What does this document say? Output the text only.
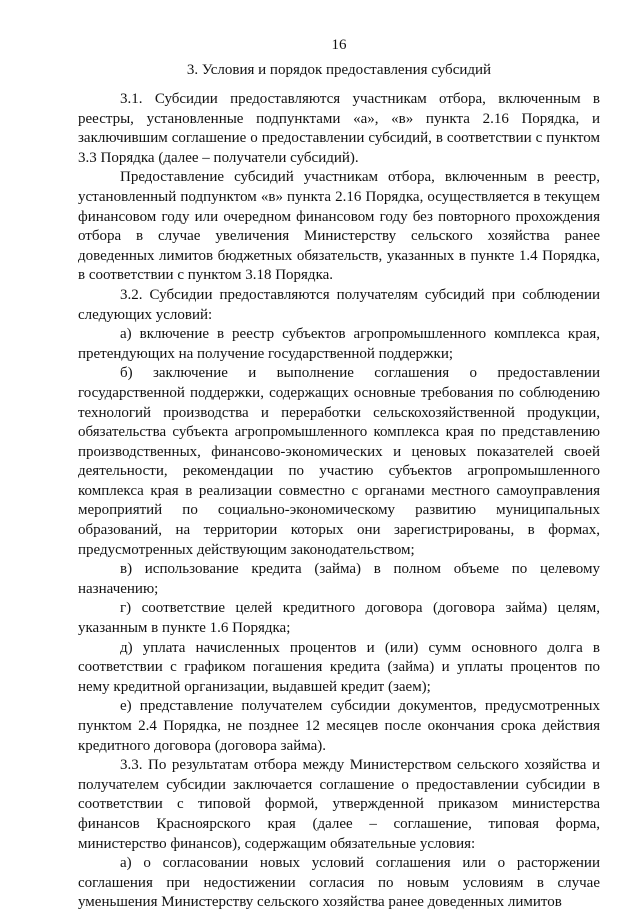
16
3. Условия и порядок предоставления субсидий

3.1. Субсидии предоставляются участникам отбора, включенным в реестры, установленные подпунктами «а», «в» пункта 2.16 Порядка, и заключившим соглашение о предоставлении субсидий, в соответствии с пунктом 3.3 Порядка (далее – получатели субсидий).

Предоставление субсидий участникам отбора, включенным в реестр, установленный подпунктом «в» пункта 2.16 Порядка, осуществляется в текущем финансовом году или очередном финансовом году без повторного прохождения отбора в случае увеличения Министерству сельского хозяйства ранее доведенных лимитов бюджетных обязательств, указанных в пункте 1.4 Порядка, в соответствии с пунктом 3.18 Порядка.

3.2. Субсидии предоставляются получателям субсидий при соблюдении следующих условий:

а) включение в реестр субъектов агропромышленного комплекса края, претендующих на получение государственной поддержки;

б) заключение и выполнение соглашения о предоставлении государственной поддержки, содержащих основные требования по соблюдению технологий производства и переработки сельскохозяйственной продукции, обязательства субъекта агропромышленного комплекса края по представлению производственных, финансово-экономических и ценовых показателей своей деятельности, рекомендации по участию субъектов агропромышленного комплекса края в реализации совместно с органами местного самоуправления мероприятий по социально-экономическому развитию муниципальных образований, на территории которых они зарегистрированы, в формах, предусмотренных действующим законодательством;

в) использование кредита (займа) в полном объеме по целевому назначению;

г) соответствие целей кредитного договора (договора займа) целям, указанным в пункте 1.6 Порядка;

д) уплата начисленных процентов и (или) сумм основного долга в соответствии с графиком погашения кредита (займа) и уплаты процентов по нему кредитной организации, выдавшей кредит (заем);

е) представление получателем субсидии документов, предусмотренных пунктом 2.4 Порядка, не позднее 12 месяцев после окончания срока действия кредитного договора (договора займа).

3.3. По результатам отбора между Министерством сельского хозяйства и получателем субсидии заключается соглашение о предоставлении субсидии в соответствии с типовой формой, утвержденной приказом министерства финансов Красноярского края (далее – соглашение, типовая форма, министерство финансов), содержащим обязательные условия:

а) о согласовании новых условий соглашения или о расторжении соглашения при недостижении согласия по новым условиям в случае уменьшения Министерству сельского хозяйства ранее доведенных лимитов
